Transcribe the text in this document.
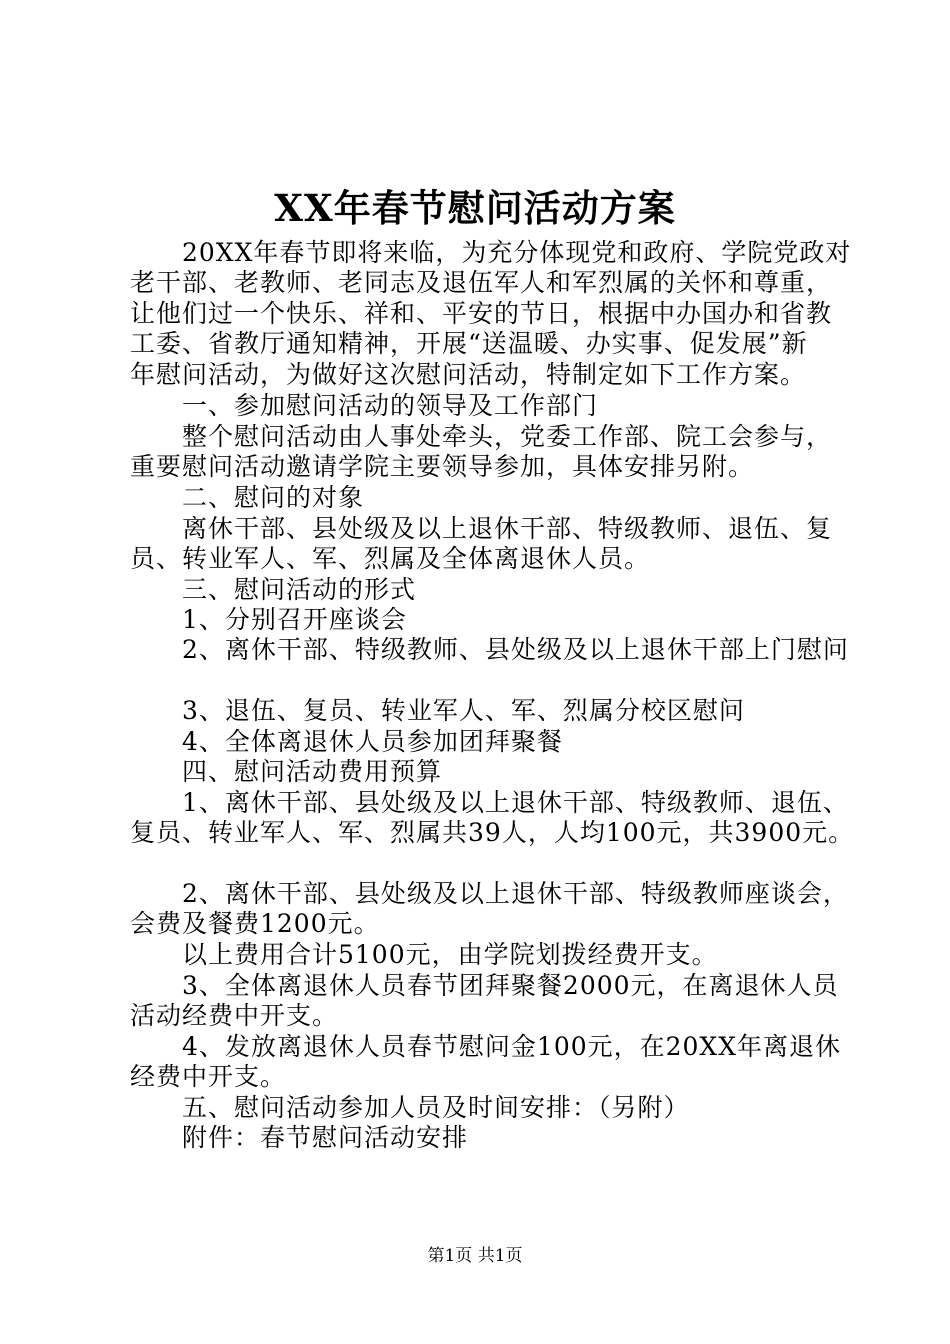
XX年春节慰问活动方案
　　20XX年春节即将来临，为充分体现党和政府、学院党政对
老干部、老教师、老同志及退伍军人和军烈属的关怀和尊重，
让他们过一个快乐、祥和、平安的节日，根据中办国办和省教
工委、省教厅通知精神，开展“送温暖、办实事、促发展”新
年慰问活动，为做好这次慰问活动，特制定如下工作方案。
　　一、参加慰问活动的领导及工作部门
　　整个慰问活动由人事处牵头，党委工作部、院工会参与，
重要慰问活动邀请学院主要领导参加，具体安排另附。
　　二、慰问的对象
　　离休干部、县处级及以上退休干部、特级教师、退伍、复
员、转业军人、军、烈属及全体离退休人员。
　　三、慰问活动的形式
　　1、分别召开座谈会
　　2、离休干部、特级教师、县处级及以上退休干部上门慰问
　　3、退伍、复员、转业军人、军、烈属分校区慰问
　　4、全体离退休人员参加团拜聚餐
　　四、慰问活动费用预算
　　1、离休干部、县处级及以上退休干部、特级教师、退伍、
复员、转业军人、军、烈属共39人，人均100元，共3900元。
　　2、离休干部、县处级及以上退休干部、特级教师座谈会，
会费及餐费1200元。
　　以上费用合计5100元，由学院划拨经费开支。
　　3、全体离退休人员春节团拜聚餐2000元，在离退休人员
活动经费中开支。
　　4、发放离退休人员春节慰问金100元，在20XX年离退休
经费中开支。
　　五、慰问活动参加人员及时间安排：（另附）
　　附件：春节慰问活动安排
第1页 共1页
